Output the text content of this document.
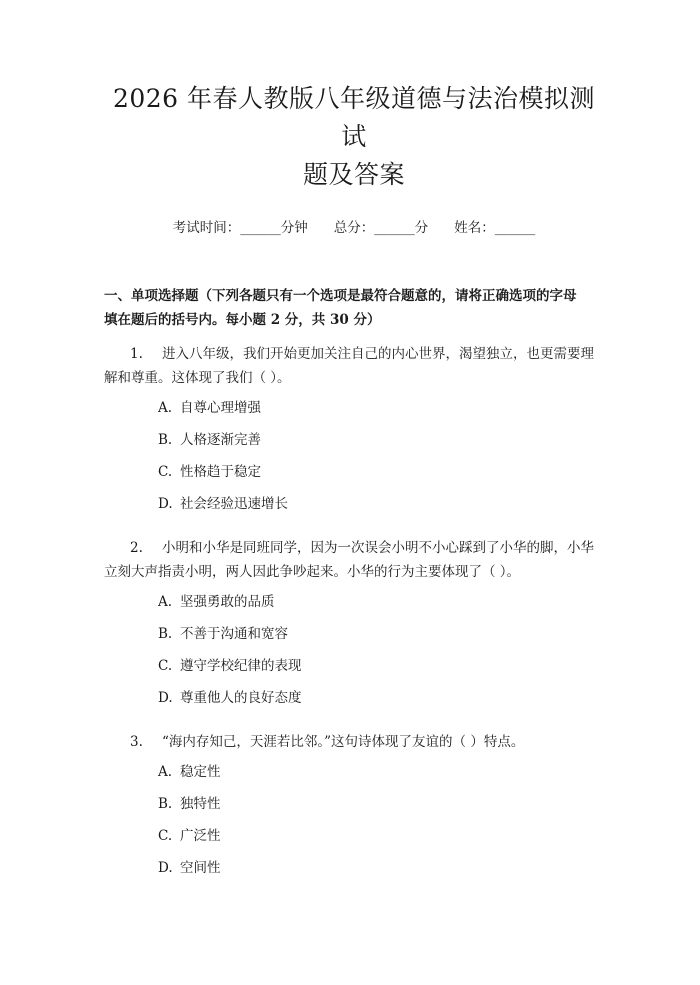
2026 年春人教版八年级道德与法治模拟测试
题及答案
考试时间：______分钟 总分：______分 姓名：______
一、单项选择题（下列各题只有一个选项是最符合题意的，请将正确选项的字母
填在题后的括号内。每小题 2 分，共 30 分）
1. 进入八年级，我们开始更加关注自己的内心世界，渴望独立，也更需要理解和尊重。这体现了我们（ ）。
A. 自尊心理增强
B. 人格逐渐完善
C. 性格趋于稳定
D. 社会经验迅速增长
2. 小明和小华是同班同学，因为一次误会小明不小心踩到了小华的脚，小华立刻大声指责小明，两人因此争吵起来。小华的行为主要体现了（ ）。
A. 坚强勇敢的品质
B. 不善于沟通和宽容
C. 遵守学校纪律的表现
D. 尊重他人的良好态度
3. “海内存知己，天涯若比邻。”这句诗体现了友谊的（ ）特点。
A. 稳定性
B. 独特性
C. 广泛性
D. 空间性
